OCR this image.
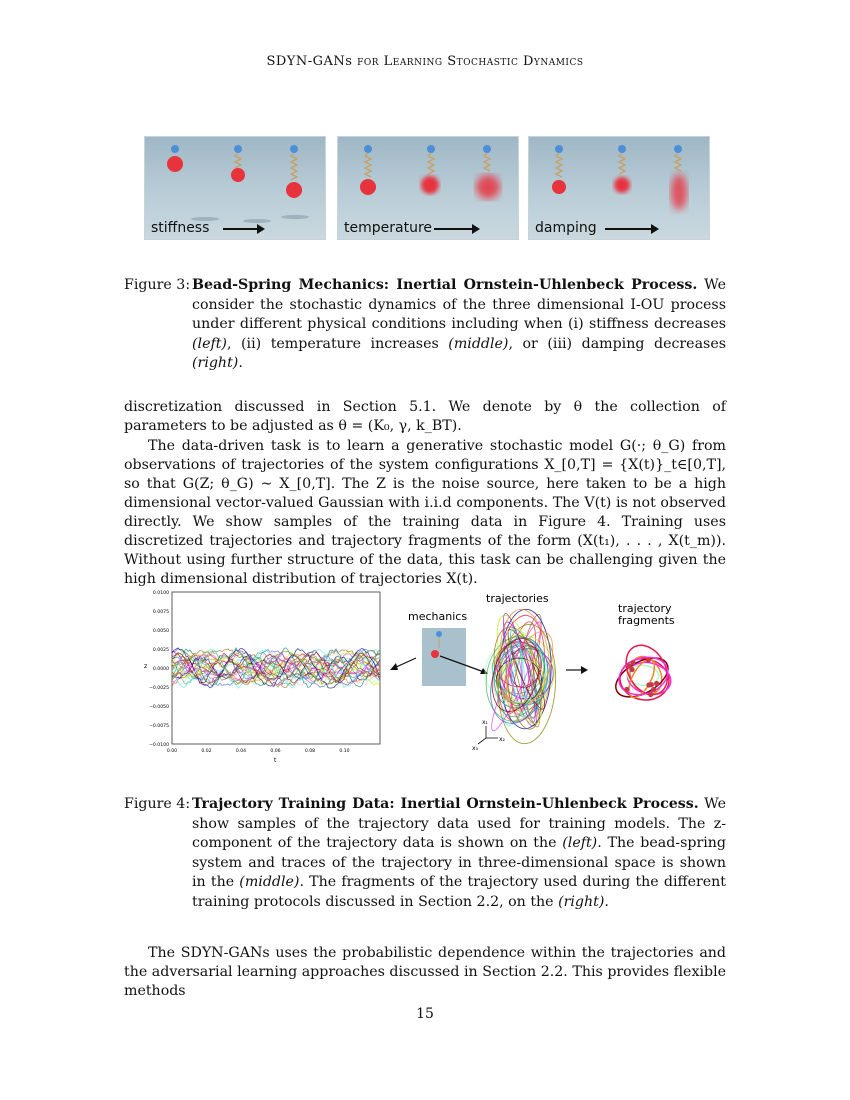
SDYN-GANs for Learning Stochastic Dynamics
stiffness	temperature	damping
Figure 3: Bead-Spring Mechanics: Inertial Ornstein-Uhlenbeck Process. We consider the stochastic dynamics of the three dimensional I-OU process under different physical conditions including when (i) stiffness decreases (left), (ii) temperature increases (middle), or (iii) damping decreases (right).
discretization discussed in Section 5.1. We denote by θ the collection of parameters to be adjusted as θ = (K₀, γ, k_BT).
The data-driven task is to learn a generative stochastic model G(·; θ_G) from observations of trajectories of the system configurations X_[0,T] = {X(t)}_t∈[0,T], so that G(Z; θ_G) ∼ X_[0,T]. The Z is the noise source, here taken to be a high dimensional vector-valued Gaussian with i.i.d components. The V(t) is not observed directly. We show samples of the training data in Figure 4. Training uses discretized trajectories and trajectory fragments of the form (X(t₁), . . . , X(t_m)). Without using further structure of the data, this task can be challenging given the high dimensional distribution of trajectories X(t).
0.0100
0.0075
0.0050
0.0025
0.0000
−0.0025
−0.0050
−0.0075
−0.0100
0.00	0.02	0.04	0.06	0.08	0.10
z
t
mechanics
trajectories
x₁
x₂
x₃
trajectory
fragments
Figure 4: Trajectory Training Data: Inertial Ornstein-Uhlenbeck Process. We show samples of the trajectory data used for training models. The z-component of the trajectory data is shown on the (left). The bead-spring system and traces of the trajectory in three-dimensional space is shown in the (middle). The fragments of the trajectory used during the different training protocols discussed in Section 2.2, on the (right).
The SDYN-GANs uses the probabilistic dependence within the trajectories and the adversarial learning approaches discussed in Section 2.2. This provides flexible methods
15
